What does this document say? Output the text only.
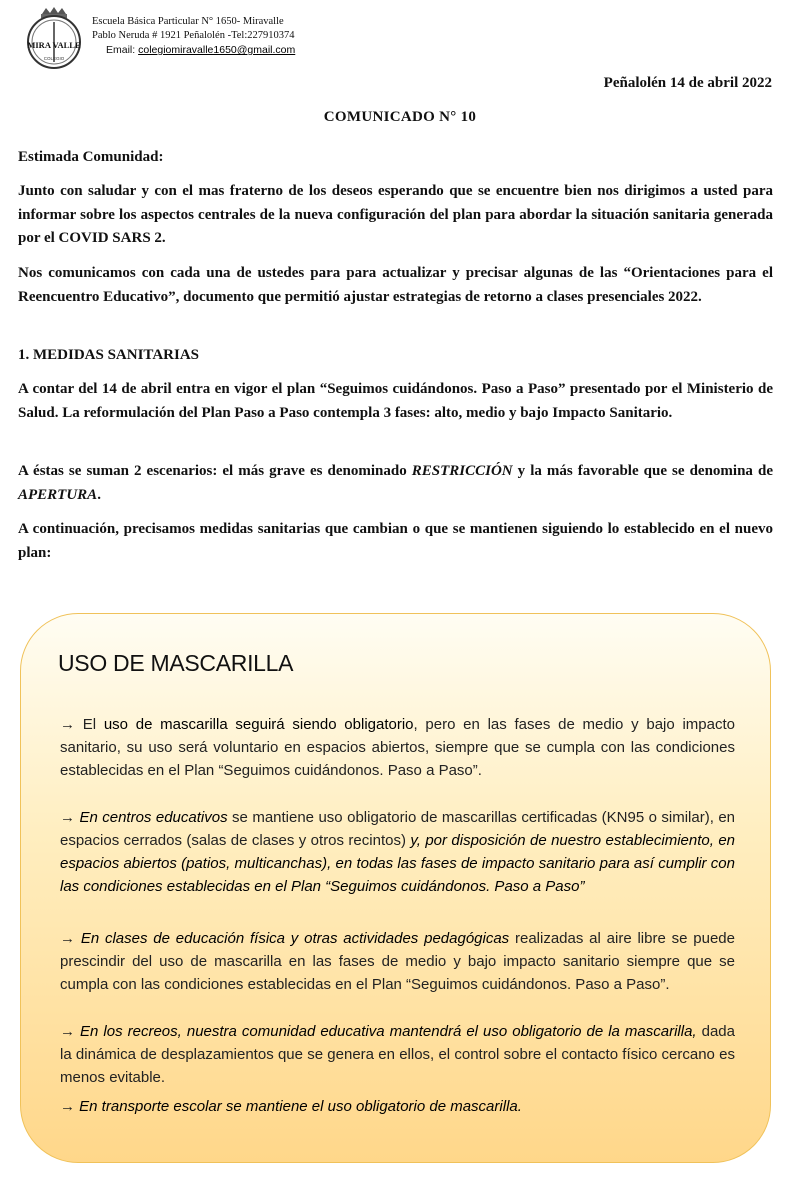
MIRA VALLE
COLEGIO
Escuela Básica Particular N° 1650- Miravalle
Pablo Neruda # 1921 Peñalolén -Tel:227910374
Email: colegiomiravalle1650@gmail.com
Peñalolén 14 de abril 2022
COMUNICADO N° 10

Estimada Comunidad:

Junto con saludar y con el mas fraterno de los deseos esperando que se encuentre bien nos dirigimos a usted para informar sobre los aspectos centrales de la nueva configuración del plan para abordar la situación sanitaria generada por el COVID SARS 2.

Nos comunicamos con cada una de ustedes para para actualizar y precisar algunas de las “Orientaciones para el Reencuentro Educativo”, documento que permitió ajustar estrategias de retorno a clases presenciales 2022.

1. MEDIDAS SANITARIAS

A contar del 14 de abril entra en vigor el plan “Seguimos cuidándonos. Paso a Paso” presentado por el Ministerio de Salud. La reformulación del Plan Paso a Paso contempla 3 fases: alto, medio y bajo Impacto Sanitario.

A éstas se suman 2 escenarios: el más grave es denominado RESTRICCIÓN y la más favorable que se denomina de APERTURA.

A continuación, precisamos medidas sanitarias que cambian o que se mantienen siguiendo lo establecido en el nuevo plan:

USO DE MASCARILLA

→ El uso de mascarilla seguirá siendo obligatorio, pero en las fases de medio y bajo impacto sanitario, su uso será voluntario en espacios abiertos, siempre que se cumpla con las condiciones establecidas en el Plan “Seguimos cuidándonos. Paso a Paso”.

→ En centros educativos se mantiene uso obligatorio de mascarillas certificadas (KN95 o similar), en espacios cerrados (salas de clases y otros recintos) y, por disposición de nuestro establecimiento, en espacios abiertos (patios, multicanchas), en todas las fases de impacto sanitario para así cumplir con las condiciones establecidas en el Plan “Seguimos cuidándonos. Paso a Paso”

→ En clases de educación física y otras actividades pedagógicas realizadas al aire libre se puede prescindir del uso de mascarilla en las fases de medio y bajo impacto sanitario siempre que se cumpla con las condiciones establecidas en el Plan “Seguimos cuidándonos. Paso a Paso”.

→ En los recreos, nuestra comunidad educativa mantendrá el uso obligatorio de la mascarilla, dada la dinámica de desplazamientos que se genera en ellos, el control sobre el contacto físico cercano es menos evitable.

→ En transporte escolar se mantiene el uso obligatorio de mascarilla.
